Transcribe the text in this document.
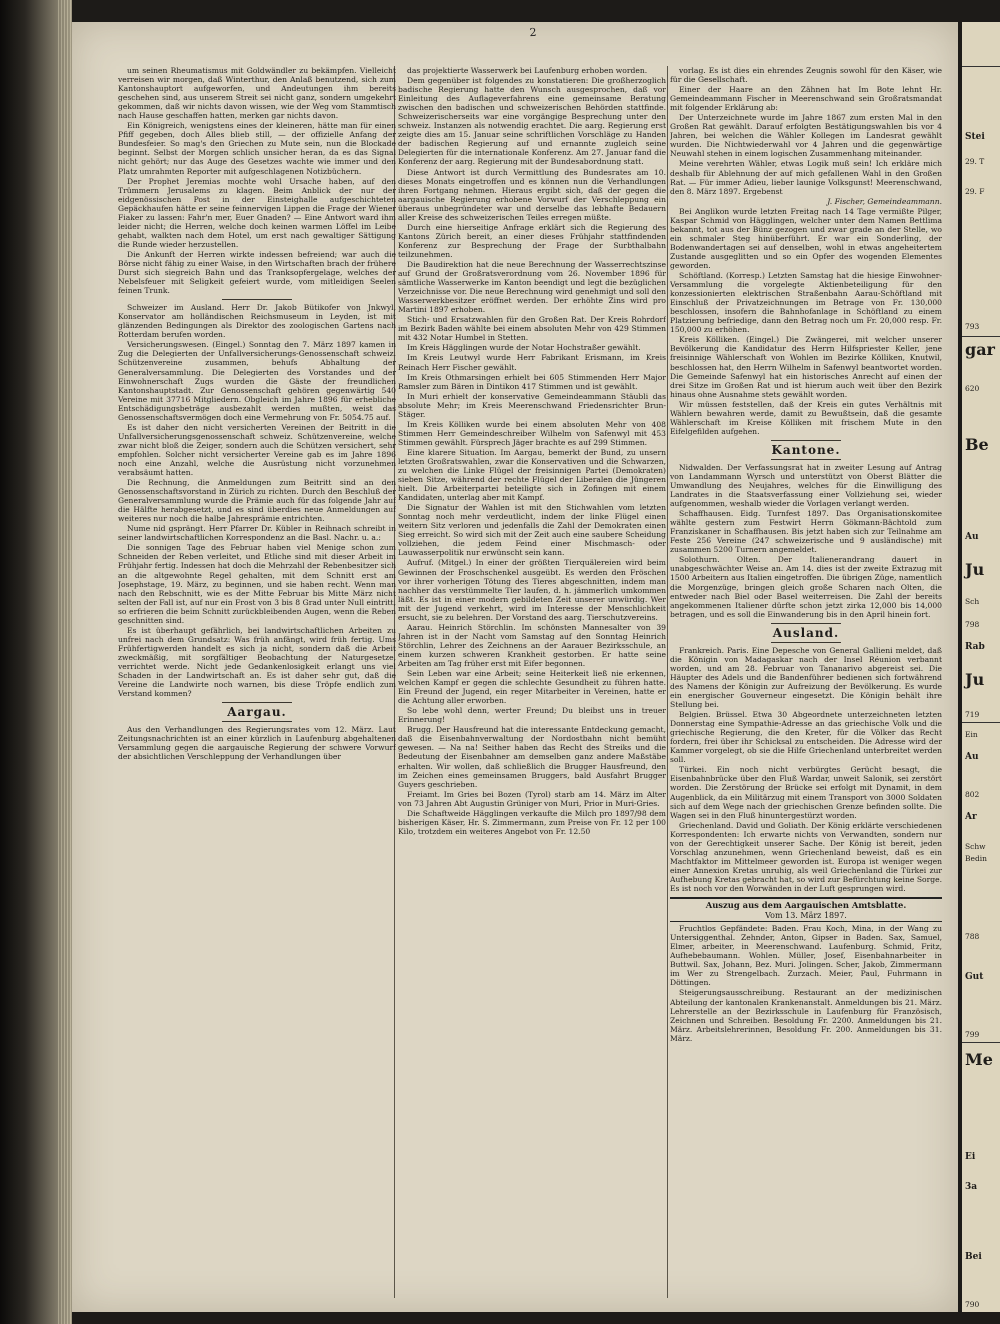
2

um seinen Rheumatismus mit Goldwändler zu bekämpfen. Vielleicht verreisen wir morgen, daß Winterthur, den Anlaß benutzend, sich zum Kantonshauptort aufgeworfen, und Andeutungen ihm bereits geschehen sind, aus unserem Streit sei nicht ganz, sondern umgekehrt gekommen, daß wir nichts davon wissen, wie der Weg vom Stammtisch nach Hause geschaffen hatten, merken gar nichts davon.

Ein Königreich, wenigstens eines der kleineren, hätte man für einen Pfiff gegeben, doch Alles blieb still, — der offizielle Anfang der Bundesfeier. So mag's den Griechen zu Mute sein, nun die Blockade beginnt. Selbst der Morgen schlich unsicher heran, da es das Signal nicht gehört; nur das Auge des Gesetzes wachte wie immer und den Platz umrahmten Reporter mit aufgeschlagenen Notizbüchern.

Der Prophet Jeremias mochte wohl Ursache haben, auf den Trümmern Jerusalems zu klagen. Beim Anblick der nur der eidgenössischen Post in der Einsteighalle aufgeschichteten Gepäckhaufen hätte er seine feinnervigen Lippen die Frage der Wiener Fiaker zu lassen: Fahr'n mer, Euer Gnaden? — Eine Antwort ward ihm leider nicht; die Herren, welche doch keinen warmen Löffel im Leibe gehabt, walkten nach dem Hotel, um erst nach gewaltiger Sättigung die Runde wieder herzustellen.

Die Ankunft der Herren wirkte indessen befreiend; war auch die Börse nicht fähig zu einer Waise, in den Wirtschaften brach der frühere Durst sich siegreich Bahn und das Tranksopfergelage, welches der Nebelsfeuer mit Seligkeit gefeiert wurde, vom mitleidigen Seelen feinen Trunk.

Schweizer im Ausland. Herr Dr. Jakob Bütikofer von Jnkwyl, Konservator am holländischen Reichsmuseum in Leyden, ist mit glänzenden Bedingungen als Direktor des zoologischen Gartens nach Rotterdam berufen worden.

Versicherungswesen. (Eingel.) Sonntag den 7. März 1897 kamen in Zug die Delegierten der Unfallversicherungs-Genossenschaft schweiz. Schützenvereine zusammen, behufs Abhaltung der Generalversammlung. Die Delegierten des Vorstandes und der Einwohnerschaft Zugs wurden die Gäste der freundlichen Kantonshauptstadt. Zur Genossenschaft gehören gegenwärtig 540 Vereine mit 37716 Mitgliedern. Obgleich im Jahre 1896 für erhebliche Entschädigungsbeträge ausbezahlt werden mußten, weist das Genossenschaftsvermögen doch eine Vermehrung von Fr. 5054.75 auf.

Es ist daher den nicht versicherten Vereinen der Beitritt in die Unfallversicherungsgenossenschaft schweiz. Schützenvereine, welche zwar nicht bloß die Zeiger, sondern auch die Schützen versichert, sehr empfohlen. Solcher nicht versicherter Vereine gab es im Jahre 1896 noch eine Anzahl, welche die Ausrüstung nicht vorzunehmen verabsäumt hatten.

Die Rechnung, die Anmeldungen zum Beitritt sind an den Genossenschaftsvorstand in Zürich zu richten. Durch den Beschluß der Generalversammlung wurde die Prämie auch für das folgende Jahr auf die Hälfte herabgesetzt, und es sind überdies neue Anmeldungen auf weiteres nur noch die halbe Jahresprämie entrichten.

Nume nid gsprängt. Herr Pfarrer Dr. Kübler in Reihnach schreibt in seiner landwirtschaftlichen Korrespondenz an die Basl. Nachr. u. a.:

Die sonnigen Tage des Februar haben viel Menige schon zum Schneiden der Reben verleitet, und Etliche sind mit dieser Arbeit im Frühjahr fertig. Indessen hat doch die Mehrzahl der Rebenbesitzer sich an die altgewohnte Regel gehalten, mit dem Schnitt erst am Josephstage, 19. März, zu beginnen, und sie haben recht. Wenn man nach den Rebschnitt, wie es der Mitte Februar bis Mitte März nicht selten der Fall ist, auf nur ein Frost von 3 bis 8 Grad unter Null eintritt, so erfrieren die beim Schnitt zurückbleibenden Augen, wenn die Reben geschnitten sind.

Es ist überhaupt gefährlich, bei landwirtschaftlichen Arbeiten zu unfrei nach dem Grundsatz: Was früh anfängt, wird früh fertig. Ums Frühfertigwerden handelt es sich ja nicht, sondern daß die Arbeit zweckmäßig, mit sorgfältiger Beobachtung der Naturgesetze, verrichtet werde. Nicht jede Gedankenlosigkeit erlangt uns viel Schaden in der Landwirtschaft an. Es ist daher sehr gut, daß die Vereine die Landwirte noch warnen, bis diese Tröpfe endlich zum Verstand kommen?

Aargau.

Aus den Verhandlungen des Regierungsrates vom 12. März. Laut Zeitungsnachrichten ist an einer kürzlich in Laufenburg abgehaltenen Versammlung gegen die aargauische Regierung der schwere Vorwurf der absichtlichen Verschleppung der Verhandlungen über

das projektierte Wasserwerk bei Laufenburg erhoben worden.

Dem gegenüber ist folgendes zu konstatieren: Die großherzoglich badische Regierung hatte den Wunsch ausgesprochen, daß vor Einleitung des Auflageverfahrens eine gemeinsame Beratung zwischen den badischen und schweizerischen Behörden stattfinde. Schweizerischerseits war eine vorgängige Besprechung unter den schweiz. Instanzen als notwendig erachtet. Die aarg. Regierung erst zeigte dies am 15. Januar seine schriftlichen Vorschläge zu Handen der badischen Regierung auf und ernannte zugleich seine Delegierten für die internationale Konferenz. Am 27. Januar fand die Konferenz der aarg. Regierung mit der Bundesabordnung statt.

Diese Antwort ist durch Vermittlung des Bundesrates am 10. dieses Monats eingetroffen und es können nun die Verhandlungen ihren Fortgang nehmen. Hieraus ergibt sich, daß der gegen die aargauische Regierung erhobene Vorwurf der Verschleppung ein überaus unbegründeter war und derselbe das lebhafte Bedauern aller Kreise des schweizerischen Teiles erregen müßte.

Durch eine hierseitige Anfrage erklärt sich die Regierung des Kantons Zürich bereit, an einer dieses Frühjahr stattfindenden Konferenz zur Besprechung der Frage der Surbthalbahn teilzunehmen.

Die Baudirektion hat die neue Berechnung der Wasserrechtszinse auf Grund der Großratsverordnung vom 26. November 1896 für sämtliche Wasserwerke im Kanton beendigt und legt die bezüglichen Verzeichnisse vor. Die neue Berechnung wird genehmigt und soll den Wasserwerkbesitzer eröffnet werden. Der erhöhte Zins wird pro Martini 1897 erhoben.

Stich- und Ersatzwahlen für den Großen Rat. Der Kreis Rohrdorf im Bezirk Baden wählte bei einem absoluten Mehr von 429 Stimmen mit 432 Notar Humbel in Stetten.

Im Kreis Hägglingen wurde der Notar Hochstraßer gewählt.

Im Kreis Leutwyl wurde Herr Fabrikant Erismann, im Kreis Reinach Herr Fischer gewählt.

Im Kreis Othmarsingen erhielt bei 605 Stimmenden Herr Major Ramsler zum Bären in Dintikon 417 Stimmen und ist gewählt.

In Muri erhielt der konservative Gemeindeammann Stäubli das absolute Mehr; im Kreis Meerenschwand Friedensrichter Brun-Stäger.

Im Kreis Kölliken wurde bei einem absoluten Mehr von 408 Stimmen Herr Gemeindeschreiber Wilhelm von Safenwyl mit 453 Stimmen gewählt. Fürsprech Jäger brachte es auf 299 Stimmen.

Eine klarere Situation. Im Aargau, bemerkt der Bund, zu unsern letzten Großratswahlen, zwar die Konservativen und die Schwarzen, zu welchen die Linke Flügel der freisinnigen Partei (Demokraten) sieben Sitze, während der rechte Flügel der Liberalen die Jüngeren hielt. Die Arbeiterpartei beteiligte sich in Zofingen mit einem Kandidaten, unterlag aber mit Kampf.

Die Signatur der Wahlen ist mit den Stichwahlen vom letzten Sonntag noch mehr verdeutlicht, indem der linke Flügel einen weitern Sitz verloren und jedenfalls die Zahl der Demokraten einen Sieg erreicht. So wird sich mit der Zeit auch eine saubere Scheidung vollziehen, die jedem Feind einer Mischmasch- oder Lauwasserpolitik nur erwünscht sein kann.

Aufruf. (Mitgel.) In einer der größten Tierquälereien wird beim Gewinnen der Froschschenkel ausgeübt. Es werden den Fröschen vor ihrer vorherigen Tötung des Tieres abgeschnitten, indem man nachher das verstümmelte Tier laufen, d. h. jämmerlich umkommen läßt. Es ist in einer modern gebildeten Zeit unserer unwürdig. Wer mit der Jugend verkehrt, wird im Interesse der Menschlichkeit ersucht, sie zu belehren. Der Vorstand des aarg. Tierschutzvereins.

Aarau. Heinrich Störchlin. Im schönsten Mannesalter von 39 Jahren ist in der Nacht vom Samstag auf den Sonntag Heinrich Störchlin, Lehrer des Zeichnens an der Aarauer Bezirksschule, an einem kurzen schweren Krankheit gestorben. Er hatte seine Arbeiten am Tag früher erst mit Eifer begonnen.

Sein Leben war eine Arbeit; seine Heiterkeit ließ nie erkennen, welchen Kampf er gegen die schlechte Gesundheit zu führen hatte. Ein Freund der Jugend, ein reger Mitarbeiter in Vereinen, hatte er die Achtung aller erworben.

So lebe wohl denn, werter Freund; Du bleibst uns in treuer Erinnerung!

Brugg. Der Hausfreund hat die interessante Entdeckung gemacht, daß die Eisenbahnverwaltung der Nordostbahn nicht bemüht gewesen. — Na na! Seither haben das Recht des Streiks und die Bedeutung der Eisenbahner am demselben ganz andere Maßstäbe erhalten. Wir wollen, daß schließlich die Brugger Hausfreund, den im Zeichen eines gemeinsamen Bruggers, bald Ausfahrt Brugger Guyers geschrieben.

Freiamt. Im Gries bei Bozen (Tyrol) starb am 14. März im Alter von 73 Jahren Abt Augustin Grüniger von Muri, Prior in Muri-Gries.

Die Schaftweide Hägglingen verkaufte die Milch pro 1897/98 dem bisherigen Käser, Hr. S. Zimmermann, zum Preise von Fr. 12 per 100 Kilo, trotzdem ein weiteres Angebot von Fr. 12.50

vorlag. Es ist dies ein ehrendes Zeugnis sowohl für den Käser, wie für die Gesellschaft.

Einer der Haare an den Zähnen hat Im Bote lehnt Hr. Gemeindeammann Fischer in Meerenschwand sein Großratsmandat mit folgender Erklärung ab:

Der Unterzeichnete wurde im Jahre 1867 zum ersten Mal in den Großen Rat gewählt. Darauf erfolgten Bestätigungswahlen bis vor 4 Jahren, bei welchen die Wähler Kollegen im Landesrat gewählt wurden. Die Nichtwiederwahl vor 4 Jahren und die gegenwärtige Neuwahl stehen in einem logischen Zusammenhang miteinander.

Meine verehrten Wähler, etwas Logik muß sein! Ich erkläre mich deshalb für Ablehnung der auf mich gefallenen Wahl in den Großen Rat. — Für immer Adieu, lieber launige Volksgunst! Meerenschwand, den 8. März 1897. Ergebenst

J. Fischer, Gemeindeammann.

Bei Anglikon wurde letzten Freitag nach 14 Tage vermißte Pilger, Kaspar Schmid von Hägglingen, welcher unter dem Namen Bettlima bekannt, tot aus der Bünz gezogen und zwar grade an der Stelle, wo ein schmaler Steg hinüberführt. Er war ein Sonderling, der Bodenwandertagen sei auf denselben, wohl in etwas angeheitertem Zustande ausgeglitten und so ein Opfer des wogenden Elementes geworden.

Schöftland. (Korresp.) Letzten Samstag hat die hiesige Einwohner-Versammlung die vorgelegte Aktienbeteiligung für den konzessionierten elektrischen Straßenbahn Aarau-Schöftland mit Einschluß der Privatzeichnungen im Betrage von Fr. 130,000 beschlossen, insofern die Bahnhofanlage in Schöftland zu einem Platzierung befriedige, dann den Betrag noch um Fr. 20,000 resp. Fr. 150,000 zu erhöhen.

Kreis Kölliken. (Eingel.) Die Zwängerei, mit welcher unserer Bevölkerung die Kandidatur des Herrn Hilfspriester Keller, jene freisinnige Wählerschaft von Wohlen im Bezirke Kölliken, Knutwil, beschlossen hat, den Herrn Wilhelm in Safenwyl beantwortet worden. Die Gemeinde Safenwyl hat ein historisches Anrecht auf einen der drei Sitze im Großen Rat und ist hierum auch weit über den Bezirk hinaus ohne Ausnahme stets gewählt worden.

Wir müssen feststellen, daß der Kreis ein gutes Verhältnis mit Wählern bewahren werde, damit zu Bewußtsein, daß die gesamte Wählerschaft im Kreise Kölliken mit frischem Mute in den Eifelgefilden aufgehen.

Kantone.

Nidwalden. Der Verfassungsrat hat in zweiter Lesung auf Antrag von Landammann Wyrsch und unterstützt von Oberst Blätter die Umwandlung des Neujahres, welches für die Einwilligung des Landrates in die Staatsverfassung einer Vollziehung sei, wieder aufgenommen, weshalb wieder die Vorlagen verlangt werden.

Schaffhausen. Eidg. Turnfest 1897. Das Organisationskomitee wählte gestern zum Festwirt Herrn Gökmann-Bächtold zum Franziskaner in Schaffhausen. Bis jetzt haben sich zur Teilnahme am Feste 256 Vereine (247 schweizerische und 9 ausländische) mit zusammen 5200 Turnern angemeldet.

Solothurn. Olten. Der Italienerandrang dauert in unabgeschwächter Weise an. Am 14. dies ist der zweite Extrazug mit 1500 Arbeitern aus Italien eingetroffen. Die übrigen Züge, namentlich die Morgenzüge, bringen gleich große Scharen nach Olten, die entweder nach Biel oder Basel weiterreisen. Die Zahl der bereits angekommenen Italiener dürfte schon jetzt zirka 12,000 bis 14,000 betragen, und es soll die Einwanderung bis in den April hinein fort.

Ausland.

Frankreich. Paris. Eine Depesche von General Gallieni meldet, daß die Königin von Madagaskar nach der Insel Réunion verbannt worden, und am 28. Februar von Tananarivo abgereist sei. Die Häupter des Adels und die Bandenführer bedienen sich fortwährend des Namens der Königin zur Aufreizung der Bevölkerung. Es wurde ein energischer Gouverneur eingesetzt. Die Königin behält ihre Stellung bei.

Belgien. Brüssel. Etwa 30 Abgeordnete unterzeichneten letzten Donnerstag eine Sympathie-Adresse an das griechische Volk und die griechische Regierung, die den Kreter, für die Völker das Recht fordern, frei über ihr Schicksal zu entscheiden. Die Adresse wird der Kammer vorgelegt, ob sie die Hilfe Griechenland unterbreitet werden soll.

Türkei. Ein noch nicht verbürgtes Gerücht besagt, die Eisenbahnbrücke über den Fluß Wardar, unweit Salonik, sei zerstört worden. Die Zerstörung der Brücke sei erfolgt mit Dynamit, in dem Augenblick, da ein Militärzug mit einem Transport von 3000 Soldaten sich auf dem Wege nach der griechischen Grenze befinden sollte. Die Wagen sei in den Fluß hinuntergestürzt worden.

Griechenland. David und Goliath. Der König erklärte verschiedenen Korrespondenten: Ich erwarte nichts von Verwandten, sondern nur von der Gerechtigkeit unserer Sache. Der König ist bereit, jeden Vorschlag anzunehmen, wenn Griechenland beweist, daß es ein Machtfaktor im Mittelmeer geworden ist. Europa ist weniger wegen einer Annexion Kretas unruhig, als weil Griechenland die Türkei zur Aufhebung Kretas gebracht hat, so wird zur Befürchtung keine Sorge. Es ist noch vor den Worwänden in der Luft gesprungen wird.

Auszug aus dem Aargauischen Amtsblatte.
Vom 13. März 1897.

Fruchtlos Gepfändete: Baden. Frau Koch, Mina, in der Wang zu Untersiggenthal. Zehnder, Anton, Gipser in Baden. Sax, Samuel, Elmer, arbeiter, in Meerenschwand. Laufenburg. Schmid, Fritz, Aufhebebaumann. Wohlen. Müller, Josef, Eisenbahnarbeiter in Buttwil. Sax, Johann, Bez. Muri. Jolingen. Scher, Jakob, Zimmermann im Wer zu Strengelbach. Zurzach. Meier, Paul, Fuhrmann in Döttingen.

Steigerungsausschreibung. Restaurant an der medizinischen Abteilung der kantonalen Krankenanstalt. Anmeldungen bis 21. März. Lehrerstelle an der Bezirksschule in Laufenburg für Französisch, Zeichnen und Schreiben. Besoldung Fr. 2200. Anmeldungen bis 21. März. Arbeitslehrerinnen, Besoldung Fr. 200. Anmeldungen bis 31. März.

Stei
29. T
29. F
793
gar
620
Be
Au
Ju
Sch
798
Rab
Ju
719
Ein
Au
802
Ar
Schw
Bedin
788
Gut
799
Me
Ei
3a
Bei
790
